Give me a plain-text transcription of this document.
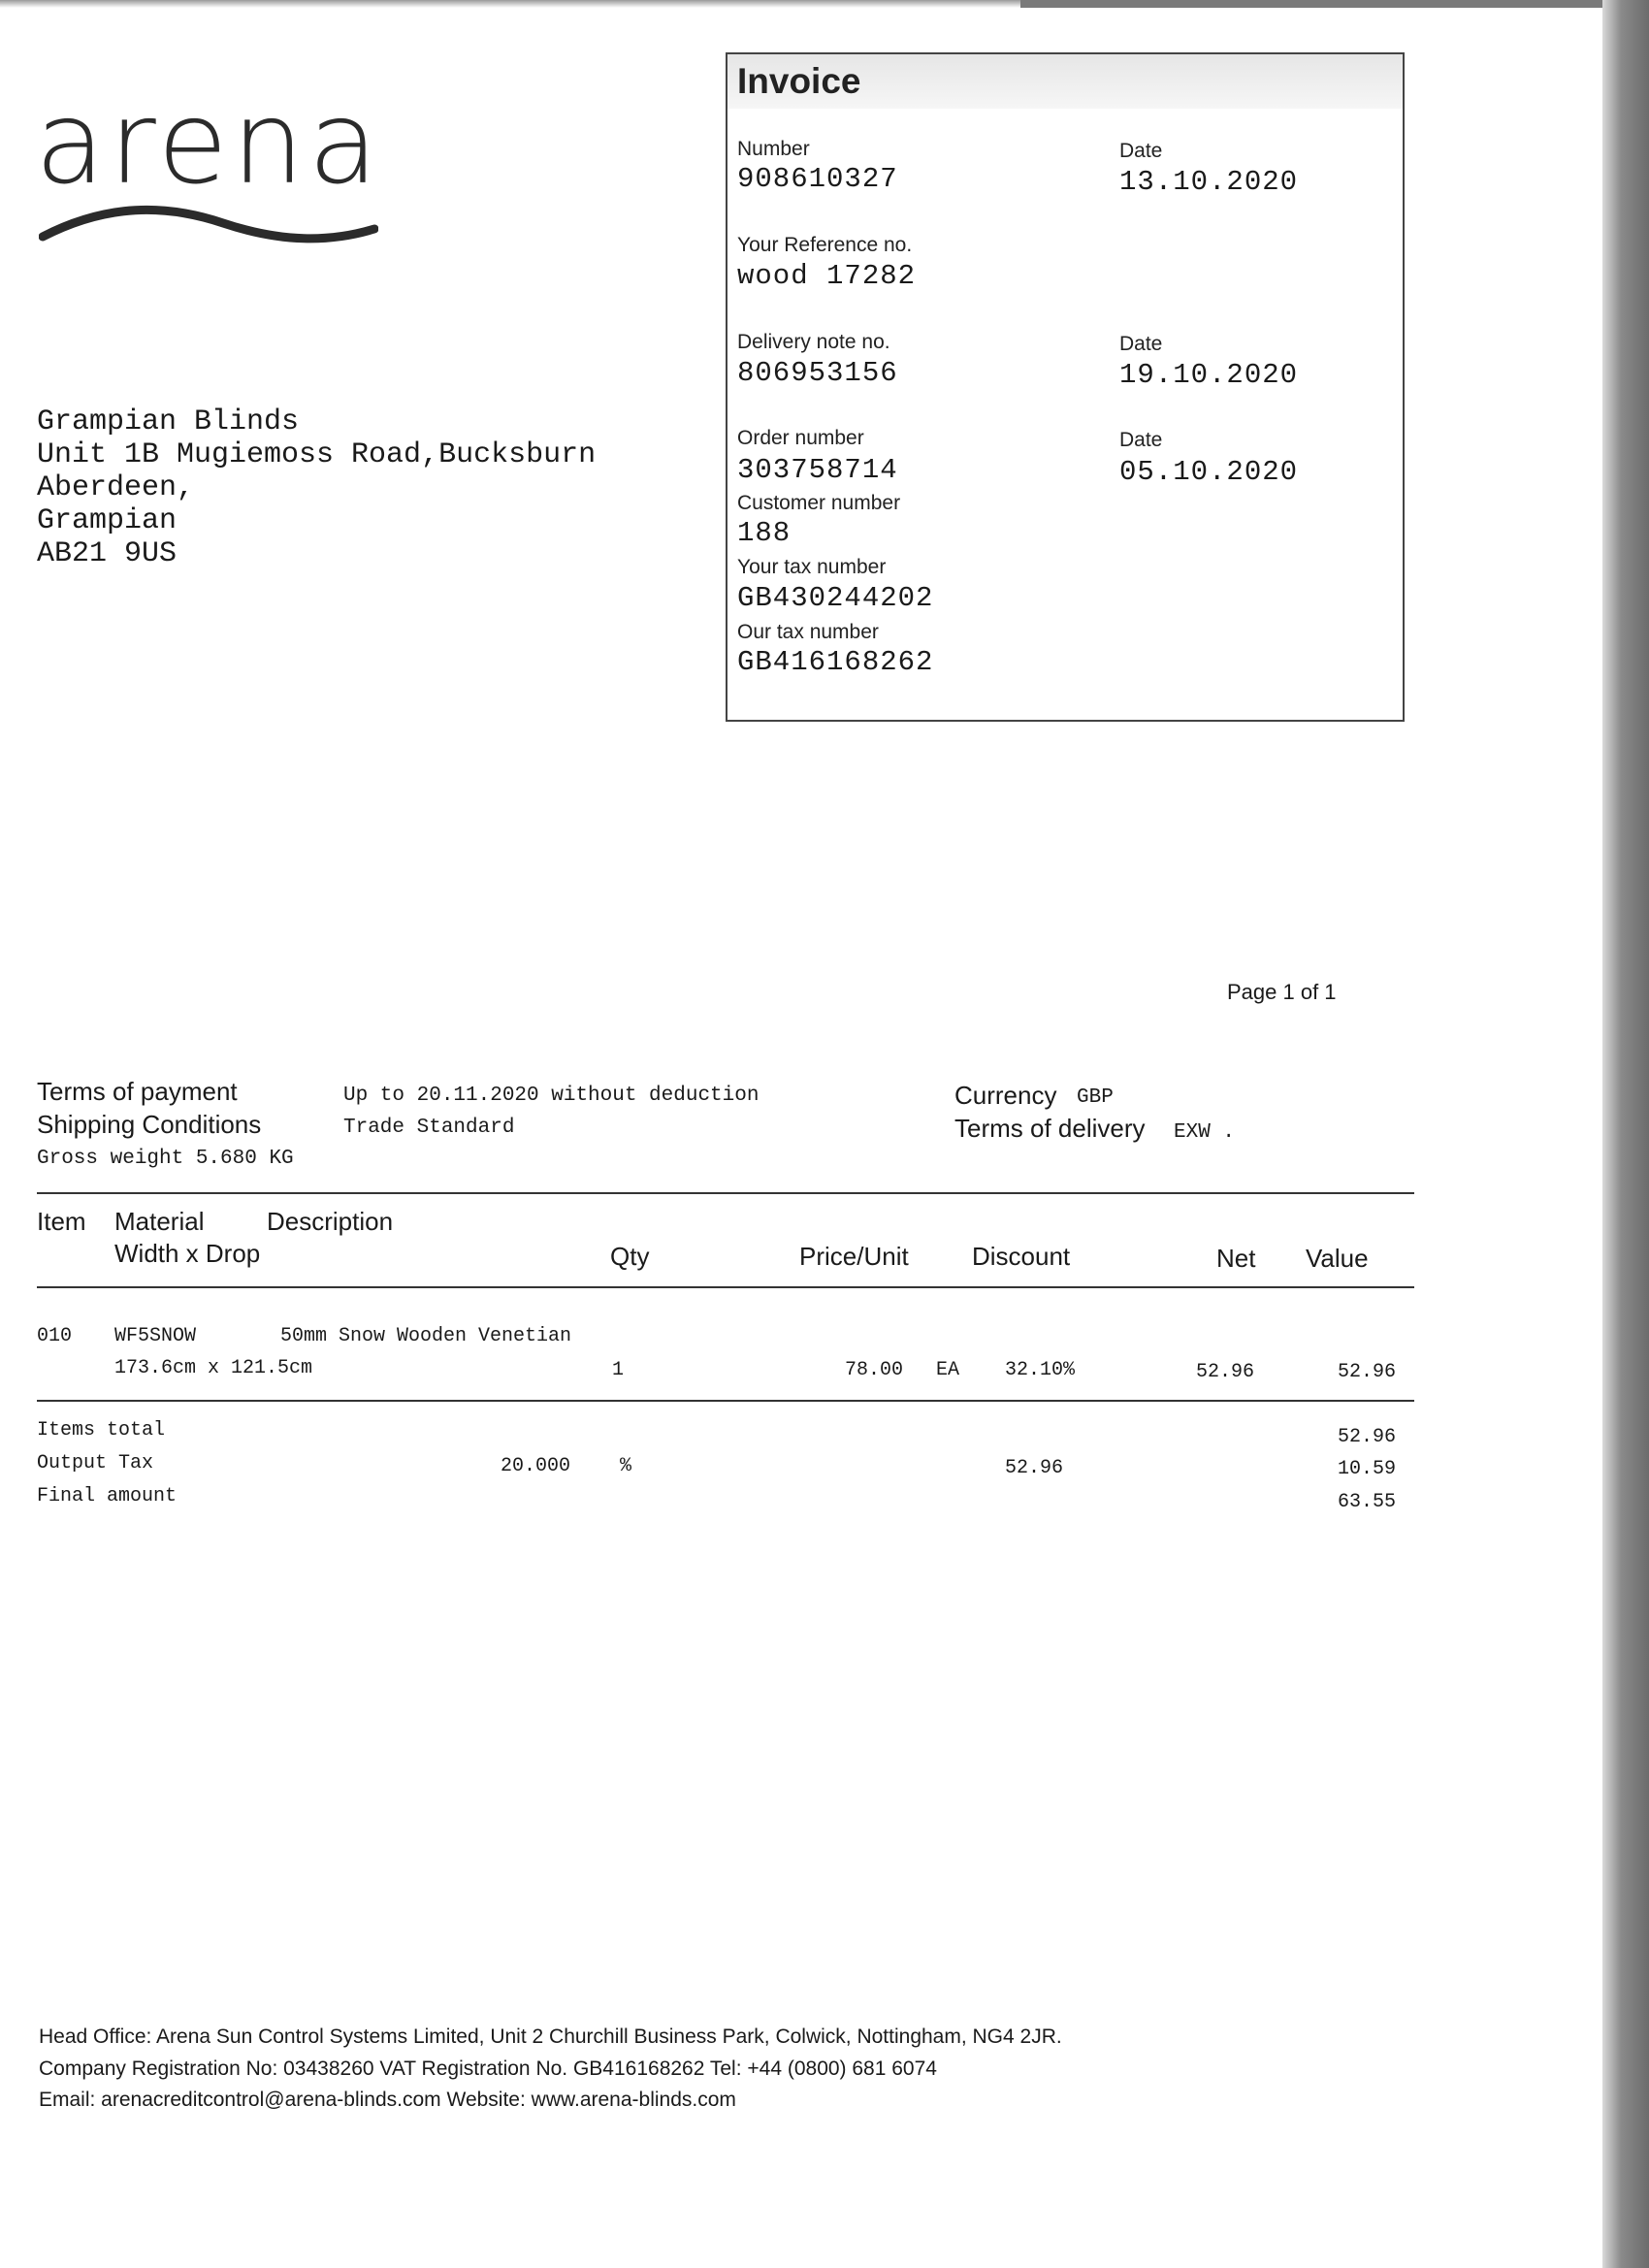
arena
Grampian Blinds
Unit 1B Mugiemoss Road,Bucksburn
Aberdeen,
Grampian
AB21 9US
Invoice
Number
908610327
Date
13.10.2020
Your Reference no.
wood 17282
Delivery note no.
806953156
Date
19.10.2020
Order number
303758714
Date
05.10.2020
Customer number
188
Your tax number
GB430244202
Our tax number
GB416168262
Page 1 of 1
Terms of payment	Up to 20.11.2020 without deduction
Shipping Conditions	Trade Standard
Gross weight 5.680 KG
Currency GBP
Terms of delivery EXW .
Item Material Description
Width x Drop	Qty	Price/Unit	Discount	Net Value
010 WF5SNOW	50mm Snow Wooden Venetian
173.6cm x 121.5cm	1	78.00 EA 32.10%	52.96	52.96
Items total	52.96
Output Tax	20.000	%	52.96	10.59
Final amount	63.55
Head Office: Arena Sun Control Systems Limited, Unit 2 Churchill Business Park, Colwick, Nottingham, NG4 2JR.
Company Registration No: 03438260 VAT Registration No. GB416168262 Tel: +44 (0800) 681 6074
Email: arenacreditcontrol@arena-blinds.com Website: www.arena-blinds.com
